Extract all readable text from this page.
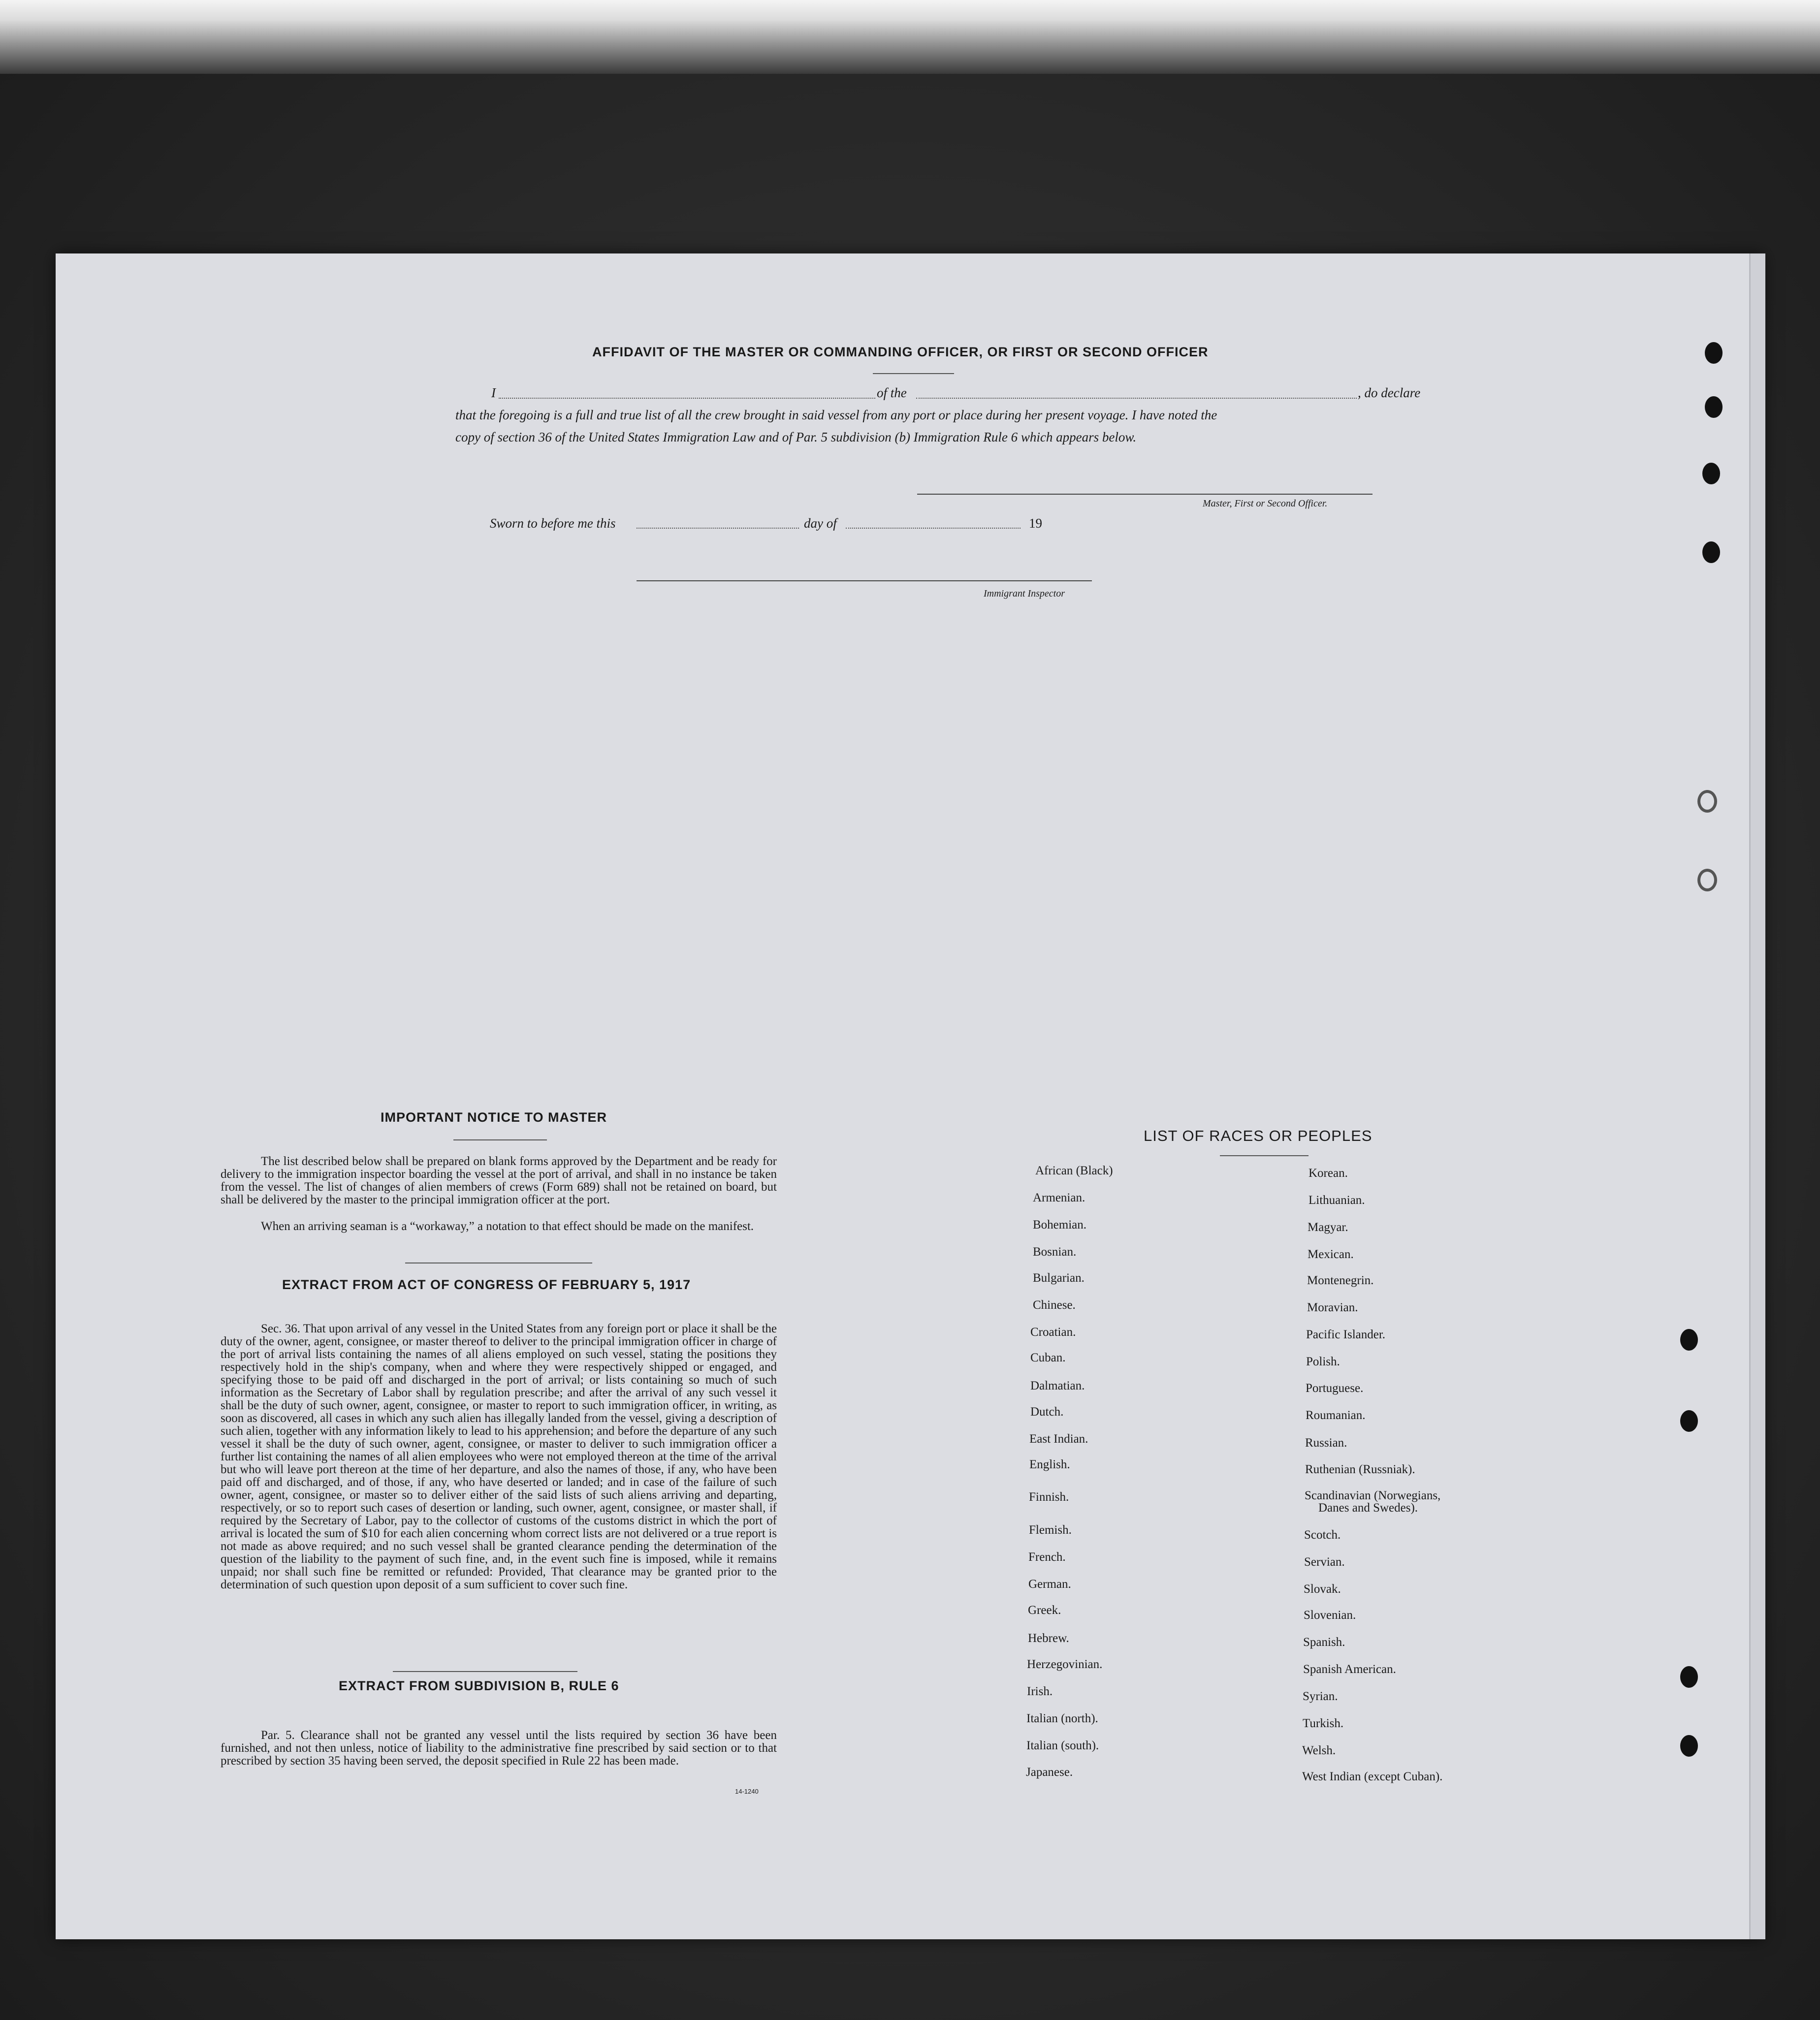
AFFIDAVIT OF THE MASTER OR COMMANDING OFFICER, OR FIRST OR SECOND OFFICER
I	of the	, do declare
that the foregoing is a full and true list of all the crew brought in said vessel from any port or place during her present voyage. I have noted the
copy of section 36 of the United States Immigration Law and of Par. 5 subdivision (b) Immigration Rule 6 which appears below.
Master, First or Second Officer.
Sworn to before me this	day of	19
Immigrant Inspector
IMPORTANT NOTICE TO MASTER
The list described below shall be prepared on blank forms approved by the Department and be ready for delivery to the immigration inspector boarding the vessel at the port of arrival, and shall in no instance be taken from the vessel. The list of changes of alien members of crews (Form 689) shall not be retained on board, but shall be delivered by the master to the principal immigration officer at the port.
When an arriving seaman is a “workaway,” a notation to that effect should be made on the manifest.
EXTRACT FROM ACT OF CONGRESS OF FEBRUARY 5, 1917
Sec. 36. That upon arrival of any vessel in the United States from any foreign port or place it shall be the duty of the owner, agent, consignee, or master thereof to deliver to the principal immigration officer in charge of the port of arrival lists containing the names of all aliens employed on such vessel, stating the positions they respectively hold in the ship's company, when and where they were respectively shipped or engaged, and specifying those to be paid off and discharged in the port of arrival; or lists containing so much of such information as the Secretary of Labor shall by regulation prescribe; and after the arrival of any such vessel it shall be the duty of such owner, agent, consignee, or master to report to such immigration officer, in writing, as soon as discovered, all cases in which any such alien has illegally landed from the vessel, giving a description of such alien, together with any information likely to lead to his apprehension; and before the departure of any such vessel it shall be the duty of such owner, agent, consignee, or master to deliver to such immigration officer a further list containing the names of all alien employees who were not employed thereon at the time of the arrival but who will leave port thereon at the time of her departure, and also the names of those, if any, who have been paid off and discharged, and of those, if any, who have deserted or landed; and in case of the failure of such owner, agent, consignee, or master so to deliver either of the said lists of such aliens arriving and departing, respectively, or so to report such cases of desertion or landing, such owner, agent, consignee, or master shall, if required by the Secretary of Labor, pay to the collector of customs of the customs district in which the port of arrival is located the sum of $10 for each alien concerning whom correct lists are not delivered or a true report is not made as above required; and no such vessel shall be granted clearance pending the determination of the question of the liability to the payment of such fine, and, in the event such fine is imposed, while it remains unpaid; nor shall such fine be remitted or refunded: Provided, That clearance may be granted prior to the determination of such question upon deposit of a sum sufficient to cover such fine.
EXTRACT FROM SUBDIVISION B, RULE 6
Par. 5. Clearance shall not be granted any vessel until the lists required by section 36 have been furnished, and not then unless, notice of liability to the administrative fine prescribed by said section or to that prescribed by section 35 having been served, the deposit specified in Rule 22 has been made.
14-1240
LIST OF RACES OR PEOPLES
African (Black)
Armenian.
Bohemian.
Bosnian.
Bulgarian.
Chinese.
Croatian.
Cuban.
Dalmatian.
Dutch.
East Indian.
English.
Finnish.
Flemish.
French.
German.
Greek.
Hebrew.
Herzegovinian.
Irish.
Italian (north).
Italian (south).
Japanese.
Korean.
Lithuanian.
Magyar.
Mexican.
Montenegrin.
Moravian.
Pacific Islander.
Polish.
Portuguese.
Roumanian.
Russian.
Ruthenian (Russniak).
Scandinavian (Norwegians,
Danes and Swedes).
Scotch.
Servian.
Slovak.
Slovenian.
Spanish.
Spanish American.
Syrian.
Turkish.
Welsh.
West Indian (except Cuban).
